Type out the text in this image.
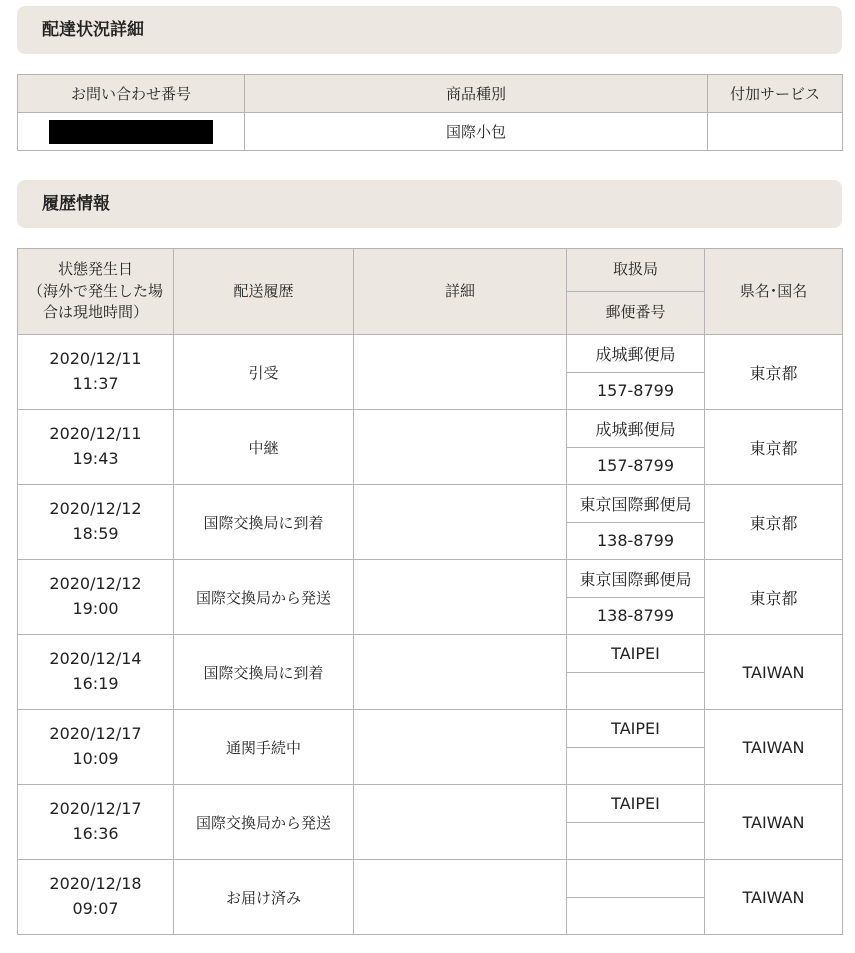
配達状況詳細
お問い合わせ番号	商品種別	付加サービス
	国際小包	
履歴情報
状態発生日
（海外で発生した場
合は現地時間）	配送履歴	詳細	取扱局	県名･国名
			郵便番号	

2020/12/11
11:37	引受		成城郵便局	東京都
			157-8799	

2020/12/11
19:43	中継		成城郵便局	東京都
			157-8799	

2020/12/12
18:59	国際交換局に到着		東京国際郵便局	東京都
			138-8799	

2020/12/12
19:00	国際交換局から発送		東京国際郵便局	東京都
			138-8799	

2020/12/14
16:19	国際交換局に到着		TAIPEI	TAIWAN

2020/12/17
10:09	通関手続中		TAIPEI	TAIWAN

2020/12/17
16:36	国際交換局から発送		TAIPEI	TAIWAN

2020/12/18
09:07	お届け済み			TAIWAN
